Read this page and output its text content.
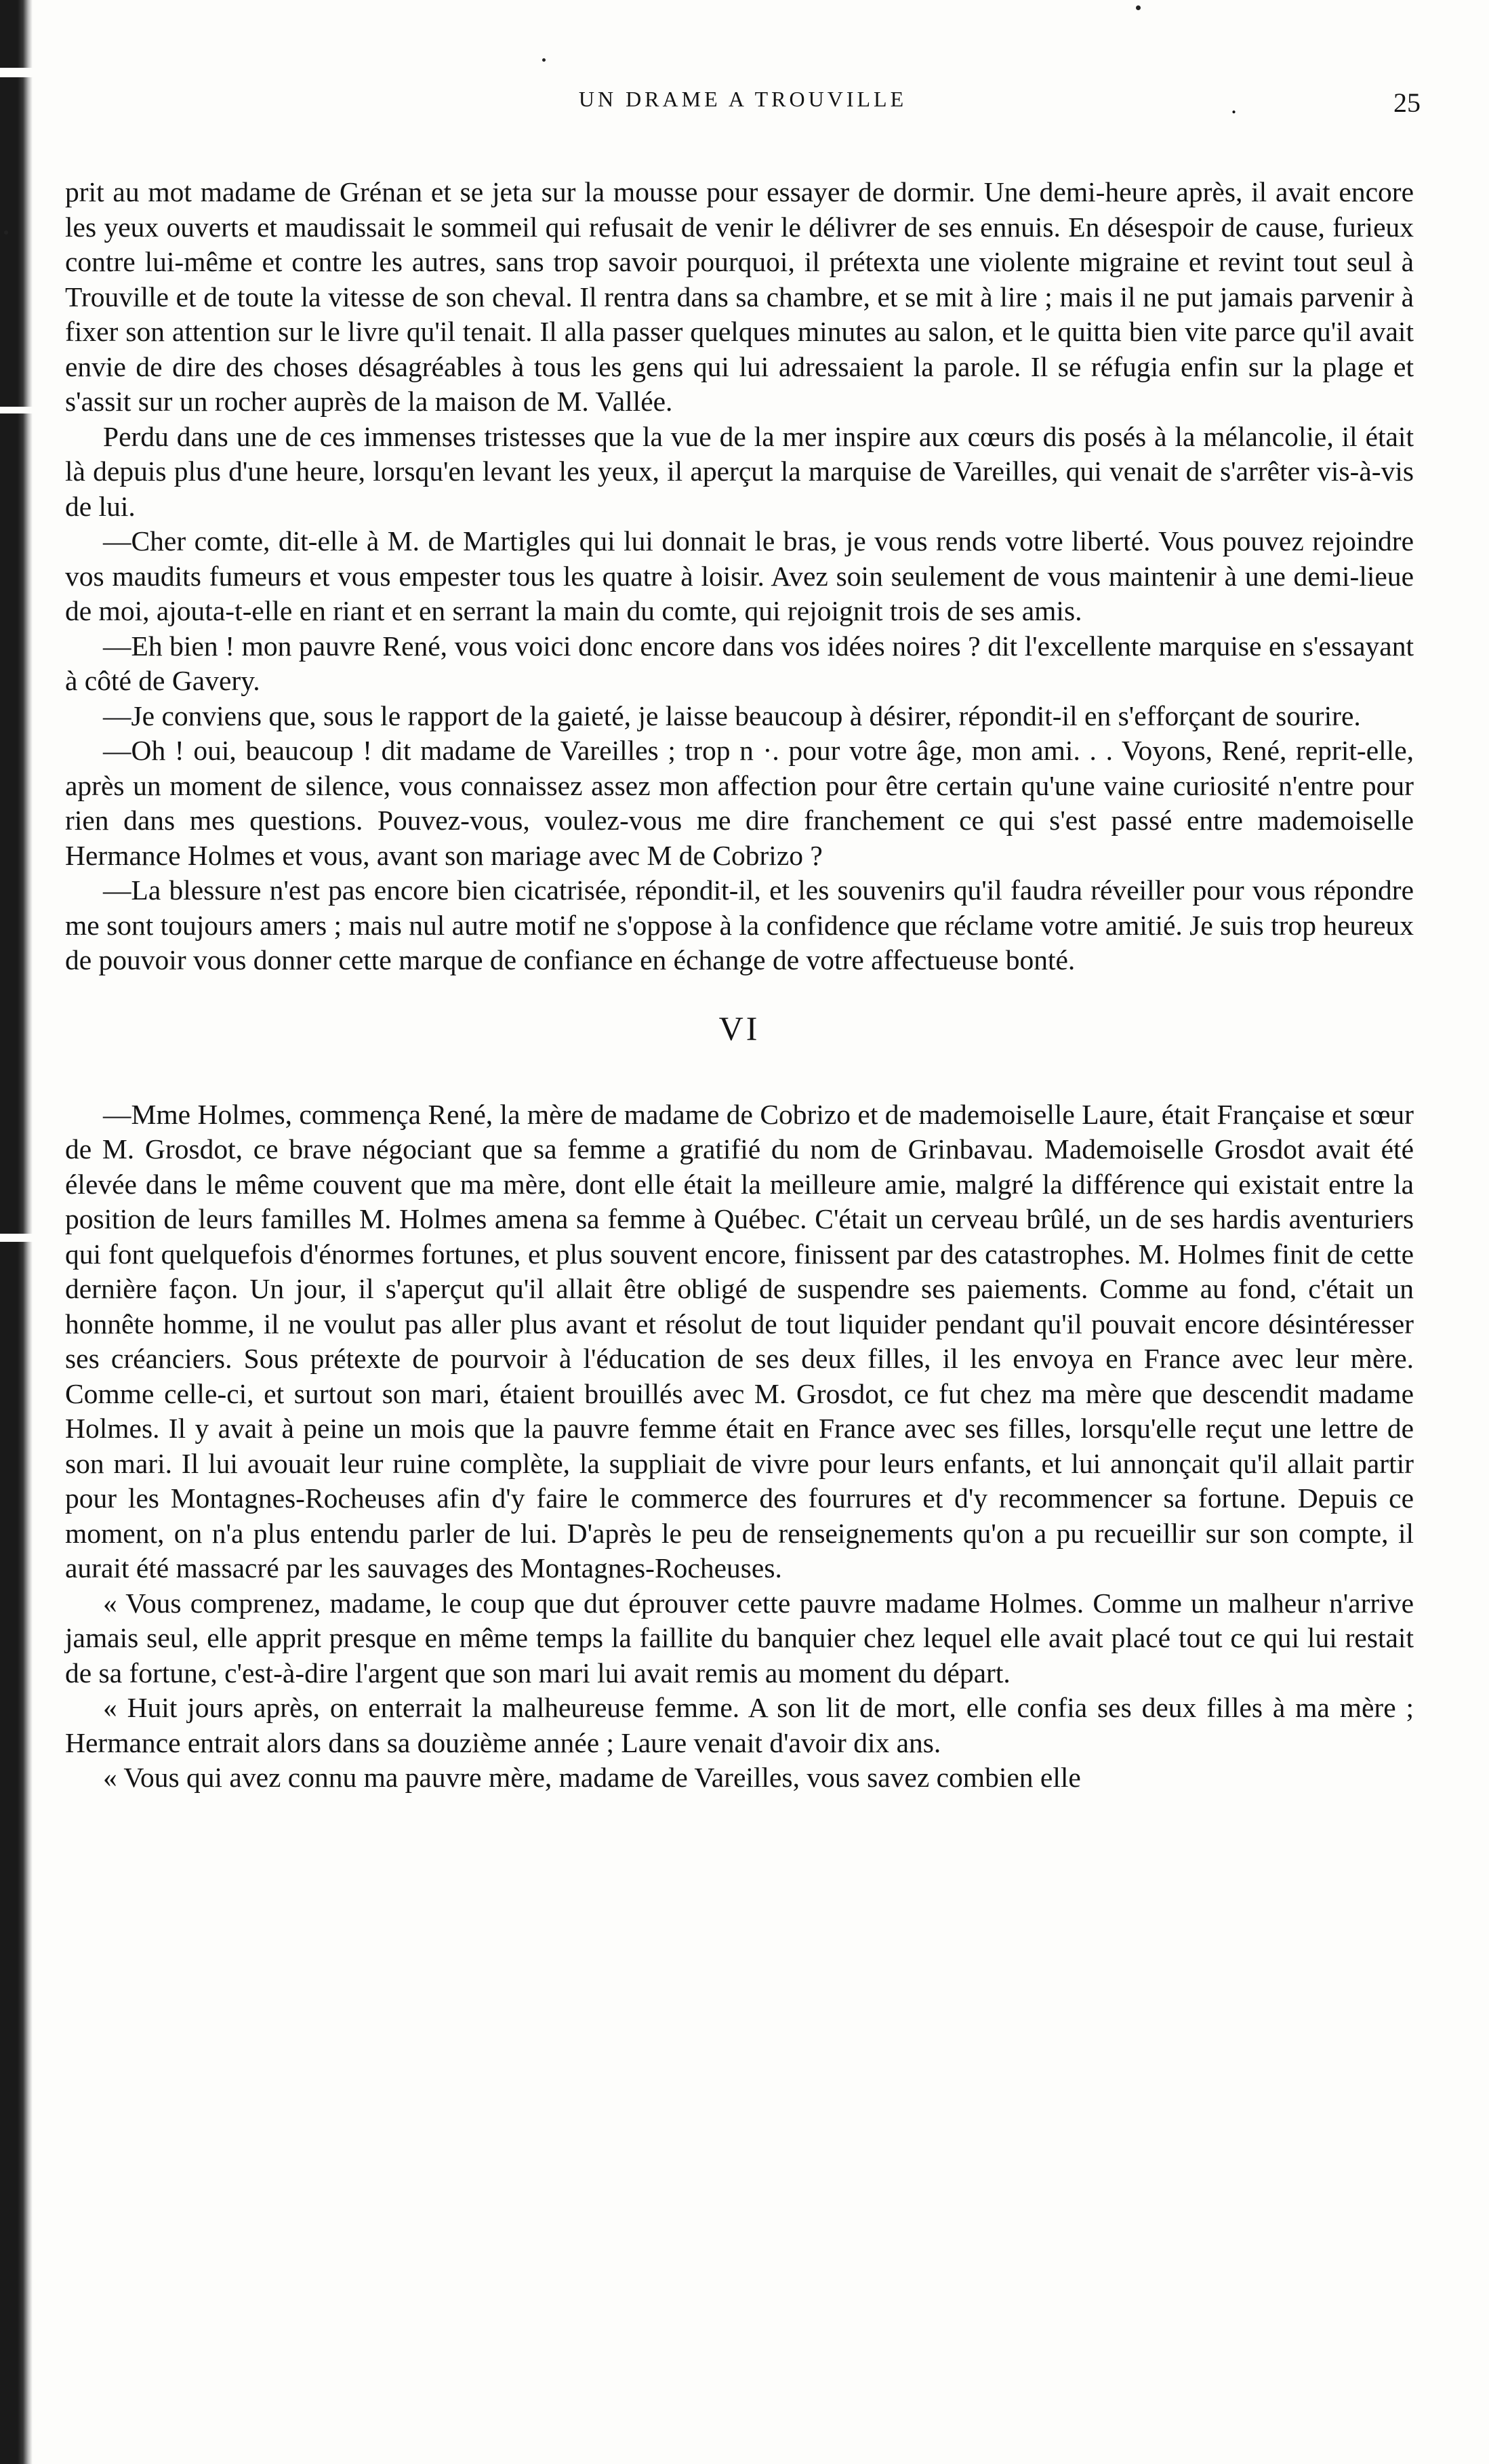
UN DRAME A TROUVILLE	.	25

prit au mot madame de Grénan et se jeta sur la mousse pour essayer de dormir. Une demi-heure après, il avait encore les yeux ouverts et maudissait le sommeil qui refusait de venir le délivrer de ses ennuis. En désespoir de cause, furieux contre lui-même et contre les autres, sans trop savoir pourquoi, il prétexta une violente migraine et revint tout seul à Trouville et de toute la vitesse de son cheval. Il rentra dans sa chambre, et se mit à lire ; mais il ne put jamais parvenir à fixer son attention sur le livre qu'il tenait. Il alla passer quelques minutes au salon, et le quitta bien vite parce qu'il avait envie de dire des choses désagréables à tous les gens qui lui adressaient la parole. Il se réfugia enfin sur la plage et s'assit sur un rocher auprès de la maison de M. Vallée.

Perdu dans une de ces immenses tristesses que la vue de la mer inspire aux cœurs dis posés à la mélancolie, il était là depuis plus d'une heure, lorsqu'en levant les yeux, il aperçut la marquise de Vareilles, qui venait de s'arrêter vis-à-vis de lui.

—Cher comte, dit-elle à M. de Martigles qui lui donnait le bras, je vous rends votre liberté. Vous pouvez rejoindre vos maudits fumeurs et vous empester tous les quatre à loisir. Avez soin seulement de vous maintenir à une demi-lieue de moi, ajouta-t-elle en riant et en serrant la main du comte, qui rejoignit trois de ses amis.

—Eh bien ! mon pauvre René, vous voici donc encore dans vos idées noires ? dit l'excellente marquise en s'essayant à côté de Gavery.

—Je conviens que, sous le rapport de la gaieté, je laisse beaucoup à désirer, répondit-il en s'efforçant de sourire.

—Oh ! oui, beaucoup ! dit madame de Vareilles ; trop n ·. pour votre âge, mon ami. . . Voyons, René, reprit-elle, après un moment de silence, vous connaissez assez mon affection pour être certain qu'une vaine curiosité n'entre pour rien dans mes questions. Pouvez-vous, voulez-vous me dire franchement ce qui s'est passé entre mademoiselle Hermance Holmes et vous, avant son mariage avec M de Cobrizo ?

—La blessure n'est pas encore bien cicatrisée, répondit-il, et les souvenirs qu'il faudra réveiller pour vous répondre me sont toujours amers ; mais nul autre motif ne s'oppose à la confidence que réclame votre amitié. Je suis trop heureux de pouvoir vous donner cette marque de confiance en échange de votre affectueuse bonté.

VI

—Mme Holmes, commença René, la mère de madame de Cobrizo et de mademoiselle Laure, était Française et sœur de M. Grosdot, ce brave négociant que sa femme a gratifié du nom de Grinbavau. Mademoiselle Grosdot avait été élevée dans le même couvent que ma mère, dont elle était la meilleure amie, malgré la différence qui existait entre la position de leurs familles M. Holmes amena sa femme à Québec. C'était un cerveau brûlé, un de ses hardis aventuriers qui font quelquefois d'énormes fortunes, et plus souvent encore, finissent par des catastrophes. M. Holmes finit de cette dernière façon. Un jour, il s'aperçut qu'il allait être obligé de suspendre ses paiements. Comme au fond, c'était un honnête homme, il ne voulut pas aller plus avant et résolut de tout liquider pendant qu'il pouvait encore désintéresser ses créanciers. Sous prétexte de pourvoir à l'éducation de ses deux filles, il les envoya en France avec leur mère. Comme celle-ci, et surtout son mari, étaient brouillés avec M. Grosdot, ce fut chez ma mère que descendit madame Holmes. Il y avait à peine un mois que la pauvre femme était en France avec ses filles, lorsqu'elle reçut une lettre de son mari. Il lui avouait leur ruine complète, la suppliait de vivre pour leurs enfants, et lui annonçait qu'il allait partir pour les Montagnes-Rocheuses afin d'y faire le commerce des fourrures et d'y recommencer sa fortune. Depuis ce moment, on n'a plus entendu parler de lui. D'après le peu de renseignements qu'on a pu recueillir sur son compte, il aurait été massacré par les sauvages des Montagnes-Rocheuses.

« Vous comprenez, madame, le coup que dut éprouver cette pauvre madame Holmes. Comme un malheur n'arrive jamais seul, elle apprit presque en même temps la faillite du banquier chez lequel elle avait placé tout ce qui lui restait de sa fortune, c'est-à-dire l'argent que son mari lui avait remis au moment du départ.

« Huit jours après, on enterrait la malheureuse femme. A son lit de mort, elle confia ses deux filles à ma mère ; Hermance entrait alors dans sa douzième année ; Laure venait d'avoir dix ans.

« Vous qui avez connu ma pauvre mère, madame de Vareilles, vous savez combien elle
